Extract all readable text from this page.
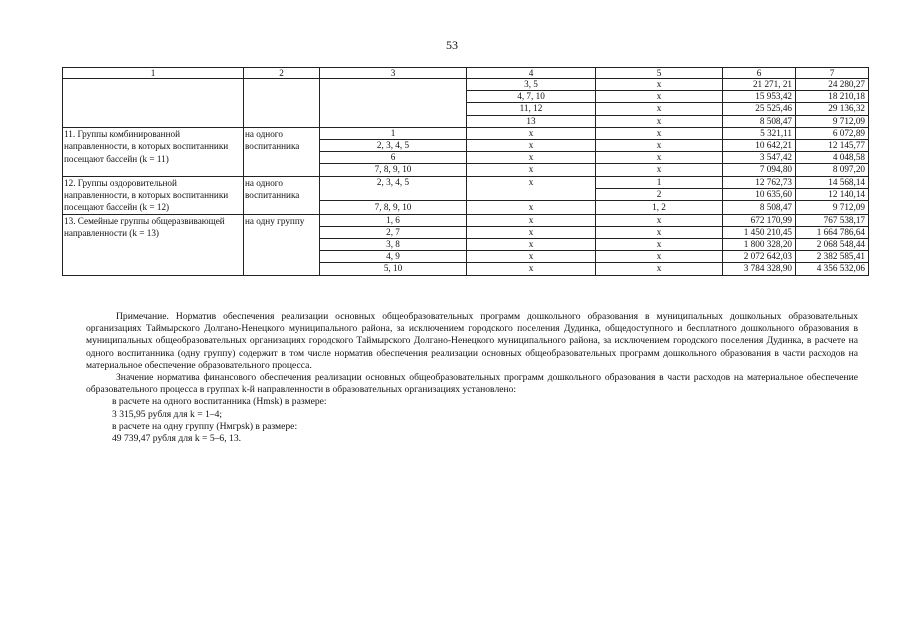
53
1	2	3	4	5	6	7
			3, 5	x	21 271, 21	24 280,27
			4, 7, 10	x	15 953,42	18 210,18
			11, 12	x	25 525,46	29 136,32
			13	x	8 508,47	9 712,09
11. Группы комбинированной направленности, в которых воспитанники посещают бассейн (k = 11)	на одного воспитанника	1	x	x	5 321,11	6 072,89
		2, 3, 4, 5	x	x	10 642,21	12 145,77
		6	x	x	3 547,42	4 048,58
		7, 8, 9, 10	x	x	7 094,80	8 097,20
12. Группы оздоровительной направленности, в которых воспитанники посещают бассейн (k = 12)	на одного воспитанника	2, 3, 4, 5	x	1	12 762,73	14 568,14
				2	10 635,60	12 140,14
		7, 8, 9, 10	x	1, 2	8 508,47	9 712,09

13. Семейные группы общеразвивающей направленности (k = 13)	на одну группу	1, 6	x	x	672 170,99	767 538,17
		2, 7	x	x	1 450 210,45	1 664 786,64
		3, 8	x	x	1 800 328,20	2 068 548,44
		4, 9	x	x	2 072 642,03	2 382 585,41
		5, 10	x	x	3 784 328,90	4 356 532,06

Примечание. Норматив обеспечения реализации основных общеобразовательных программ дошкольного образования в муниципальных дошкольных образовательных организациях Таймырского Долгано-Ненецкого муниципального района, за исключением городского поселения Дудинка, общедоступного и бесплатного дошкольного образования в муниципальных общеобразовательных организациях городского Таймырского Долгано-Ненецкого муниципального района, за исключением городского поселения Дудинка, в расчете на одного воспитанника (одну группу) содержит в том числе норматив обеспечения реализации основных общеобразовательных программ дошкольного образования в части расходов на материальное обеспечение образовательного процесса.

Значение норматива финансового обеспечения реализации основных общеобразовательных программ дошкольного образования в части расходов на материальное обеспечение образовательного процесса в группах k-й направленности в образовательных организациях установлено:

в расчете на одного воспитанника (Hmsk) в размере:

3 315,95 рубля для k = 1–4;

в расчете на одну группу (Нмгpsk) в размере:

49 739,47 рубля для k = 5–6, 13.
